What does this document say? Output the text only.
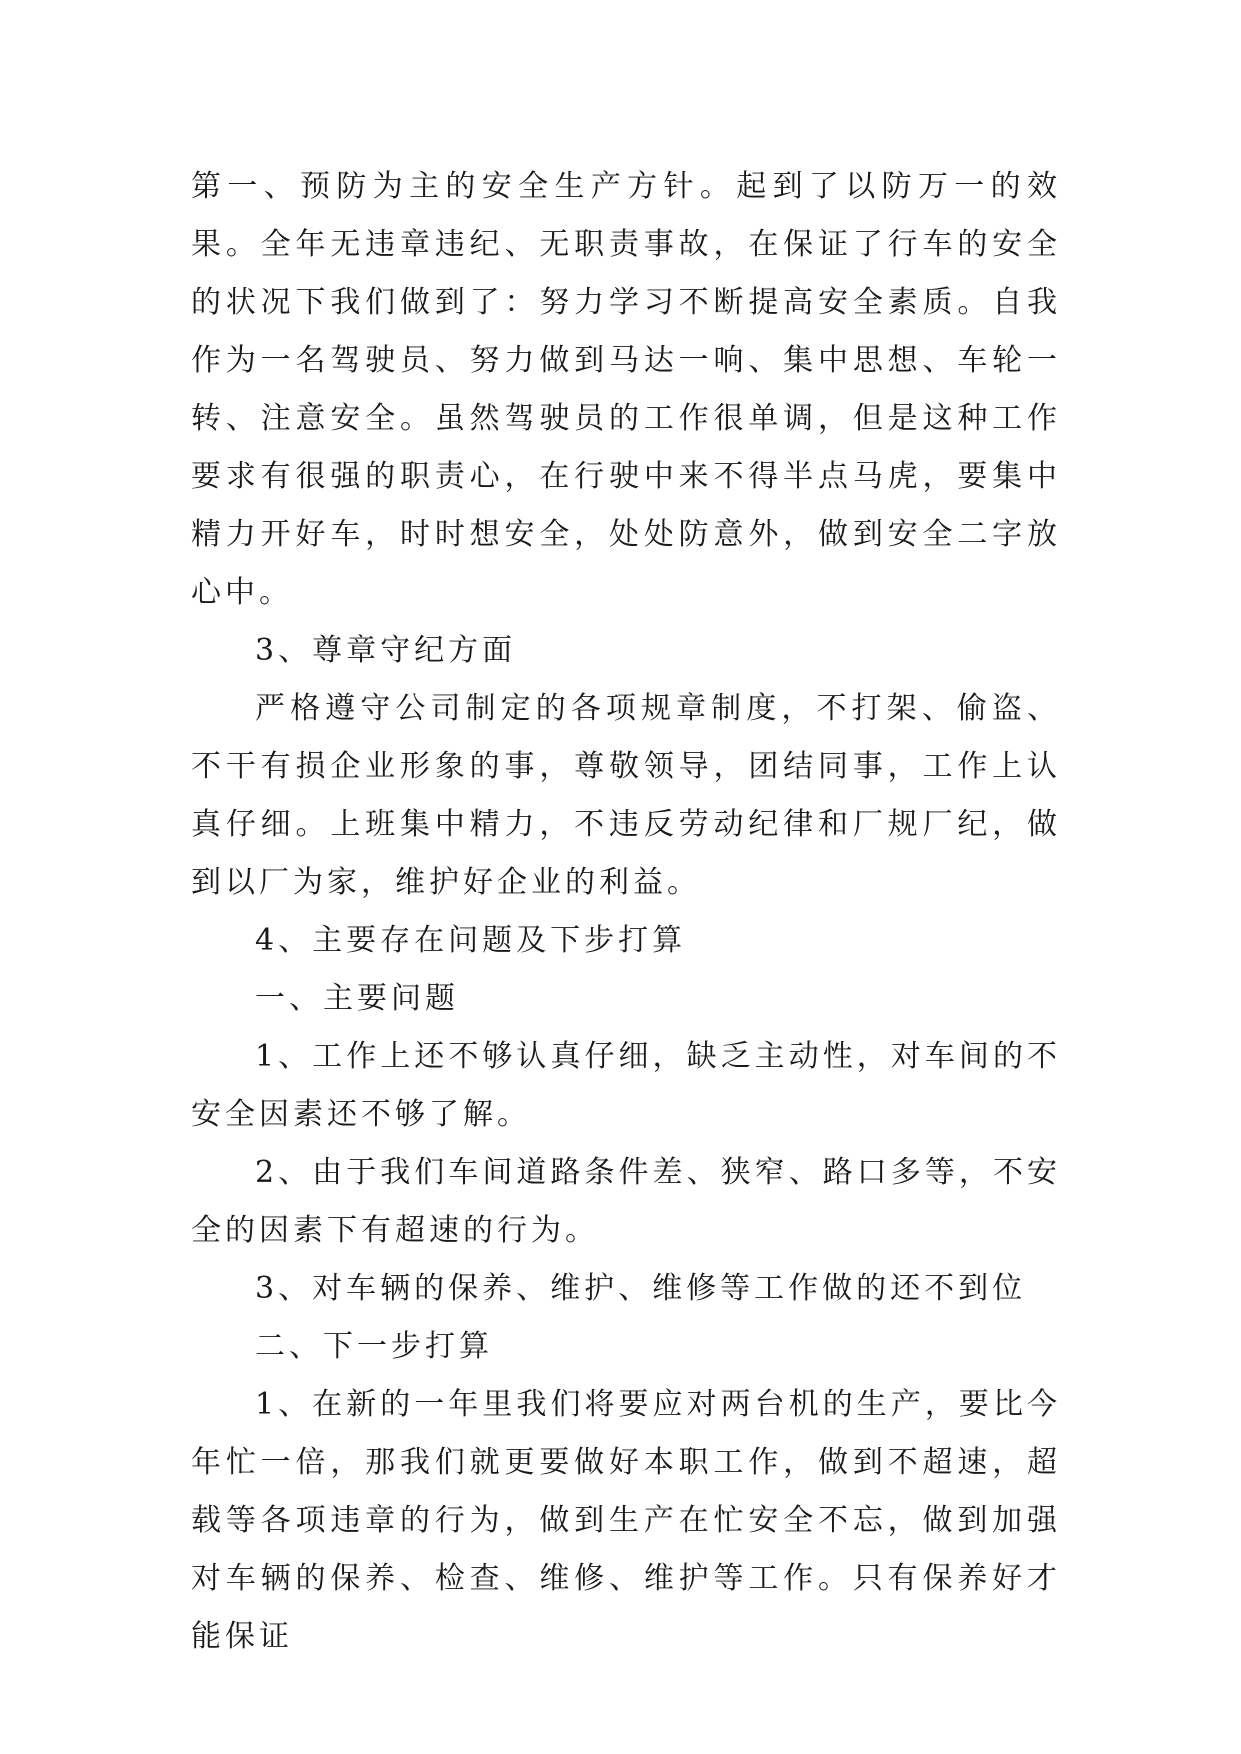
第一、预防为主的安全生产方针。起到了以防万一的效果。全年无违章违纪、无职责事故，在保证了行车的安全的状况下我们做到了：努力学习不断提高安全素质。自我作为一名驾驶员、努力做到马达一响、集中思想、车轮一转、注意安全。虽然驾驶员的工作很单调，但是这种工作要求有很强的职责心，在行驶中来不得半点马虎，要集中精力开好车，时时想安全，处处防意外，做到安全二字放心中。

3、尊章守纪方面

严格遵守公司制定的各项规章制度，不打架、偷盗、不干有损企业形象的事，尊敬领导，团结同事，工作上认真仔细。上班集中精力，不违反劳动纪律和厂规厂纪，做到以厂为家，维护好企业的利益。

4、主要存在问题及下步打算

一、主要问题

1、工作上还不够认真仔细，缺乏主动性，对车间的不安全因素还不够了解。

2、由于我们车间道路条件差、狭窄、路口多等，不安全的因素下有超速的行为。

3、对车辆的保养、维护、维修等工作做的还不到位

二、下一步打算

1、在新的一年里我们将要应对两台机的生产，要比今年忙一倍，那我们就更要做好本职工作，做到不超速，超载等各项违章的行为，做到生产在忙安全不忘，做到加强对车辆的保养、检查、维修、维护等工作。只有保养好才能保证
